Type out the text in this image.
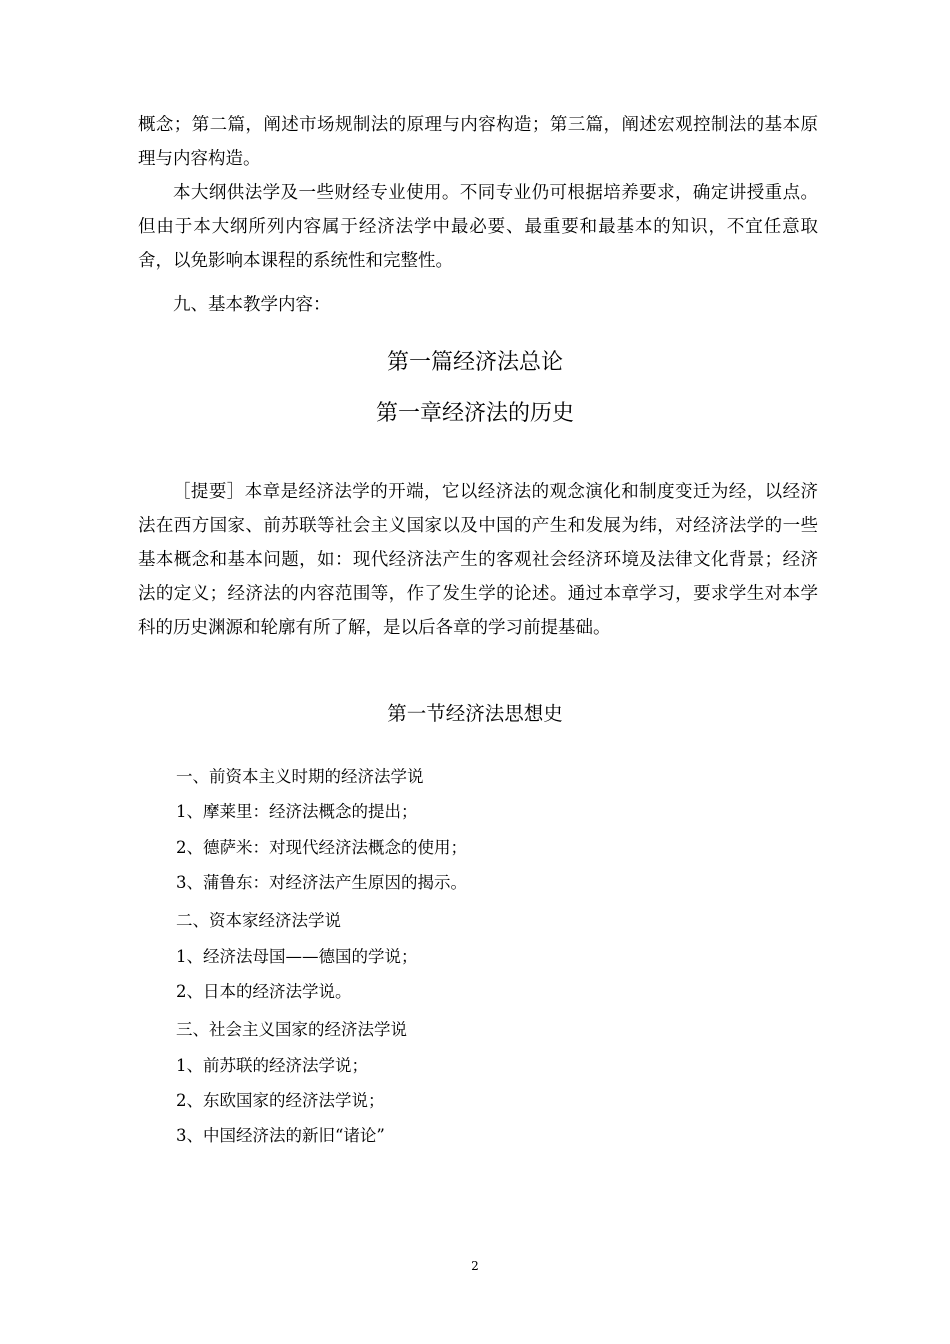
概念；第二篇，阐述市场规制法的原理与内容构造；第三篇，阐述宏观控制法的基本原理与内容构造。

本大纲供法学及一些财经专业使用。不同专业仍可根据培养要求，确定讲授重点。但由于本大纲所列内容属于经济法学中最必要、最重要和最基本的知识，不宜任意取舍，以免影响本课程的系统性和完整性。

九、基本教学内容：

第一篇经济法总论
第一章经济法的历史

［提要］本章是经济法学的开端，它以经济法的观念演化和制度变迁为经，以经济法在西方国家、前苏联等社会主义国家以及中国的产生和发展为纬，对经济法学的一些基本概念和基本问题，如：现代经济法产生的客观社会经济环境及法律文化背景；经济法的定义；经济法的内容范围等，作了发生学的论述。通过本章学习，要求学生对本学科的历史渊源和轮廓有所了解，是以后各章的学习前提基础。

第一节经济法思想史

一、前资本主义时期的经济法学说

1、摩莱里：经济法概念的提出；

2、德萨米：对现代经济法概念的使用；

3、蒲鲁东：对经济法产生原因的揭示。

二、资本家经济法学说

1、经济法母国——德国的学说；

2、日本的经济法学说。

三、社会主义国家的经济法学说

1、前苏联的经济法学说；

2、东欧国家的经济法学说；

3、中国经济法的新旧“诸论”

2
